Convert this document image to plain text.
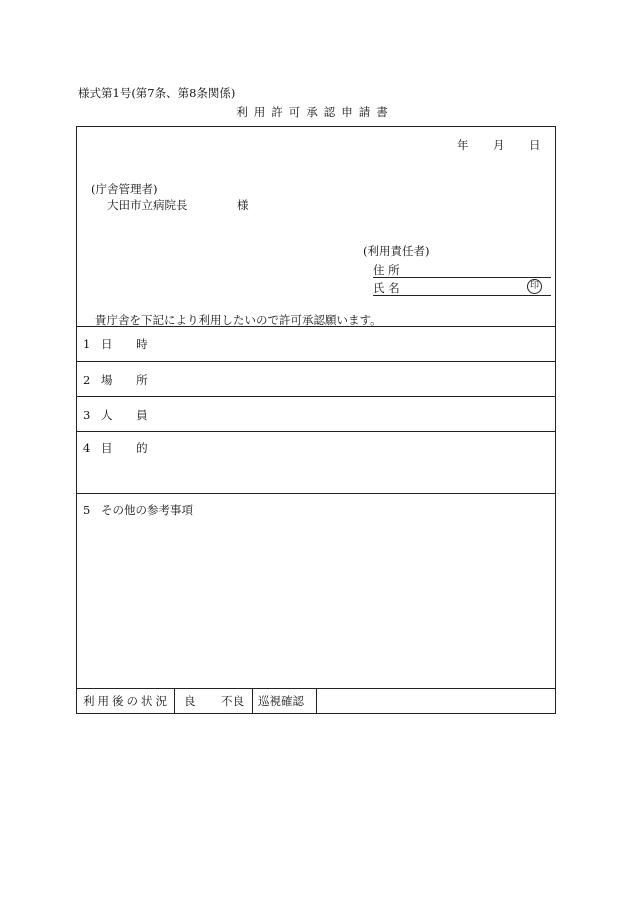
様式第1号(第7条、第8条関係)
利用許可承認申請書
年 月 日
(庁舎管理者)
大田市立病院長	様
(利用責任者)
住 所
氏 名	印
貴庁舎を下記により利用したいので許可承認願います。
1 日 時
2 場 所
3 人 員
4 目 的
5 その他の参考事項
利用後の状況 良 不良 巡視確認
